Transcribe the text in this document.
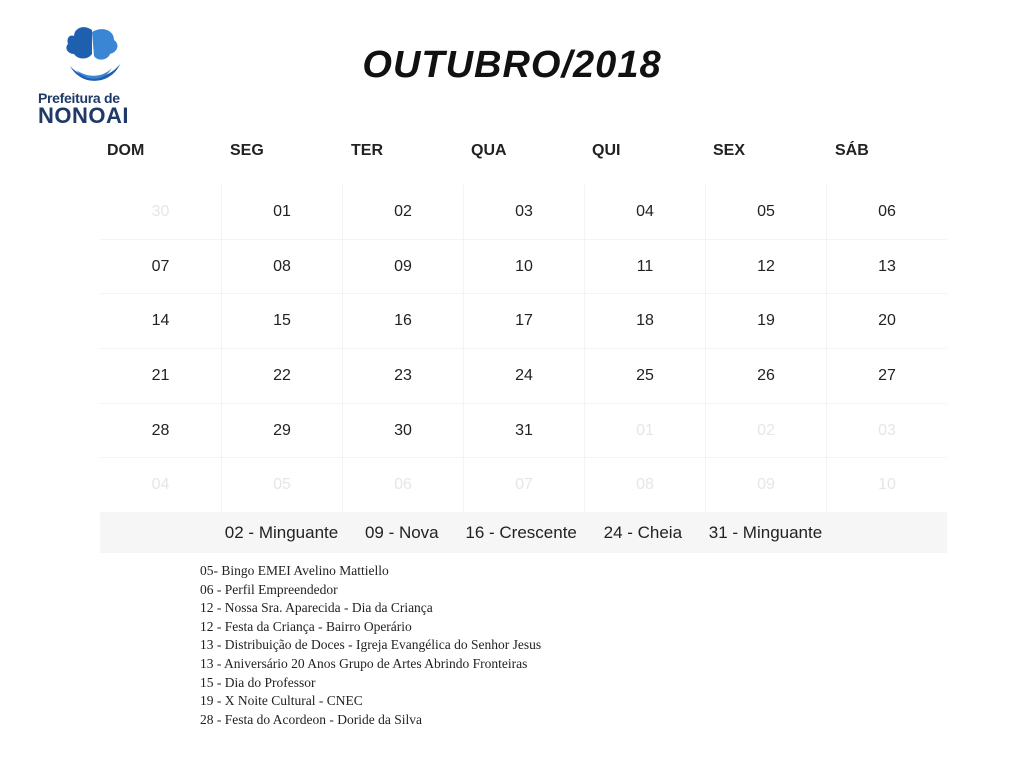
Prefeitura de
NONOAI
OUTUBRO/2018
DOM	SEG	TER	QUA	QUI	SEX	SÁB
30	01	02	03	04	05	06
07	08	09	10	11	12	13
14	15	16	17	18	19	20
21	22	23	24	25	26	27
28	29	30	31	01	02	03
04	05	06	07	08	09	10
02 - Minguante 09 - Nova 16 - Crescente 24 - Cheia 31 - Minguante
05- Bingo EMEI Avelino Mattiello
06 - Perfil Empreendedor
12 - Nossa Sra. Aparecida - Dia da Criança
12 - Festa da Criança - Bairro Operário
13 - Distribuição de Doces - Igreja Evangélica do Senhor Jesus
13 - Aniversário 20 Anos Grupo de Artes Abrindo Fronteiras
15 - Dia do Professor
19 - X Noite Cultural - CNEC
28 - Festa do Acordeon - Doride da Silva
